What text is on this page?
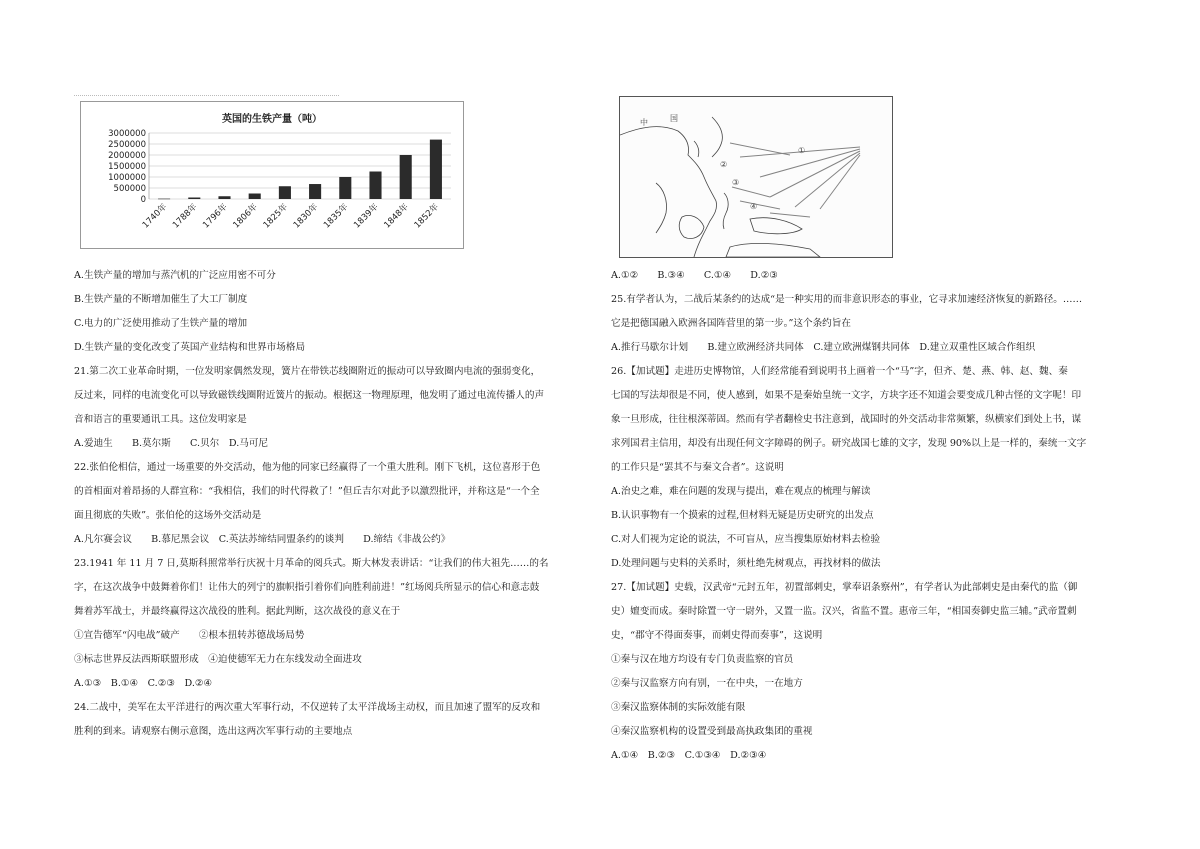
英国的生铁产量（吨）
0
500000
1000000
1500000
2000000
2500000
3000000
1740年 1788年 1796年 1806年 1825年 1830年 1835年 1839年 1848年 1852年
A.生铁产量的增加与蒸汽机的广泛应用密不可分
B.生铁产量的不断增加催生了大工厂制度
C.电力的广泛使用推动了生铁产量的增加
D.生铁产量的变化改变了英国产业结构和世界市场格局
21.第二次工业革命时期，一位发明家偶然发现，簧片在带铁芯线圈附近的振动可以导致圈内电流的强弱变化，
反过来，同样的电流变化可以导致磁铁线圈附近簧片的振动。根据这一物理原理，他发明了通过电流传播人的声
音和语言的重要通讯工具。这位发明家是
A.爱迪生　　B.莫尔斯　　C.贝尔　D.马可尼
22.张伯伦相信，通过一场重要的外交活动，他为他的同家已经赢得了一个重大胜利。刚下飞机，这位喜形于色
的首相面对着昂扬的人群宣称：“我相信，我们的时代得救了！”但丘吉尔对此予以激烈批评，并称这是“一个全
面且彻底的失败”。张伯伦的这场外交活动是
A.凡尔赛会议　　B.慕尼黑会议　C.英法苏缔结同盟条约的谈判　　D.缔结《非战公约》
23.1941 年 11 月 7 日,莫斯科照常举行庆祝十月革命的阅兵式。斯大林发表讲话：“让我们的伟大祖先……的名
字，在这次战争中鼓舞着你们！让伟大的列宁的旗帜指引着你们向胜利前进！”红场阅兵所显示的信心和意志鼓
舞着苏军战士，并最终赢得这次战役的胜利。据此判断，这次战役的意义在于
①宣告德军“闪电战”破产　　②根本扭转苏德战场局势
③标志世界反法西斯联盟形成　④迫使德军无力在东线发动全面进攻
A.①③　B.①④　C.②③　D.②④
24.二战中，美军在太平洋进行的两次重大军事行动，不仅逆转了太平洋战场主动权，而且加速了盟军的反攻和
胜利的到来。请观察右侧示意图，选出这两次军事行动的主要地点
中	国
①
②
③
④
A.①②　　B.③④　　C.①④　　D.②③
25.有学者认为，二战后某条约的达成“是一种实用的而非意识形态的事业，它寻求加速经济恢复的新路径。……
它是把德国融入欧洲各国阵营里的第一步。”这个条约旨在
A.推行马歇尔计划　　B.建立欧洲经济共同体　C.建立欧洲煤钢共同体　D.建立双重性区域合作组织
26.【加试题】走进历史博物馆，人们经常能看到说明书上画着一个“马”字，但齐、楚、燕、韩、赵、魏、秦
七国的写法却很是不同，使人感到，如果不是秦始皇统一文字，方块字还不知道会要变成几种古怪的文字呢！印
象一旦形成，往往根深蒂固。然而有学者翻检史书注意到，战国时的外交活动非常频繁，纵横家们到处上书，谋
求列国君主信用，却没有出现任何文字障碍的例子。研究战国七雄的文字，发现 90%以上是一样的，秦统一文字
的工作只是“罢其不与秦文合者”。这说明
A.治史之难，难在问题的发现与提出，难在观点的梳理与解读
B.认识事物有一个摸索的过程,但材料无疑是历史研究的出发点
C.对人们视为定论的说法，不可盲从，应当搜集原始材料去检验
D.处理问题与史料的关系时，须杜绝先树观点，再找材料的做法
27.【加试题】史载，汉武帝“元封五年，初置部刺史，掌奉诏条察州”，有学者认为此部刺史是由秦代的监（御
史）嬗变而成。秦时除置一守一尉外，又置一监。汉兴，省监不置。惠帝三年，“相国奏御史监三辅。”武帝置刺
史，“郡守不得面奏事，而刺史得而奏事”，这说明
①秦与汉在地方均设有专门负责监察的官员
②秦与汉监察方向有别，一在中央，一在地方
③秦汉监察体制的实际效能有限
④秦汉监察机构的设置受到最高执政集团的重视
A.①④　B.②③　C.①③④　D.②③④
